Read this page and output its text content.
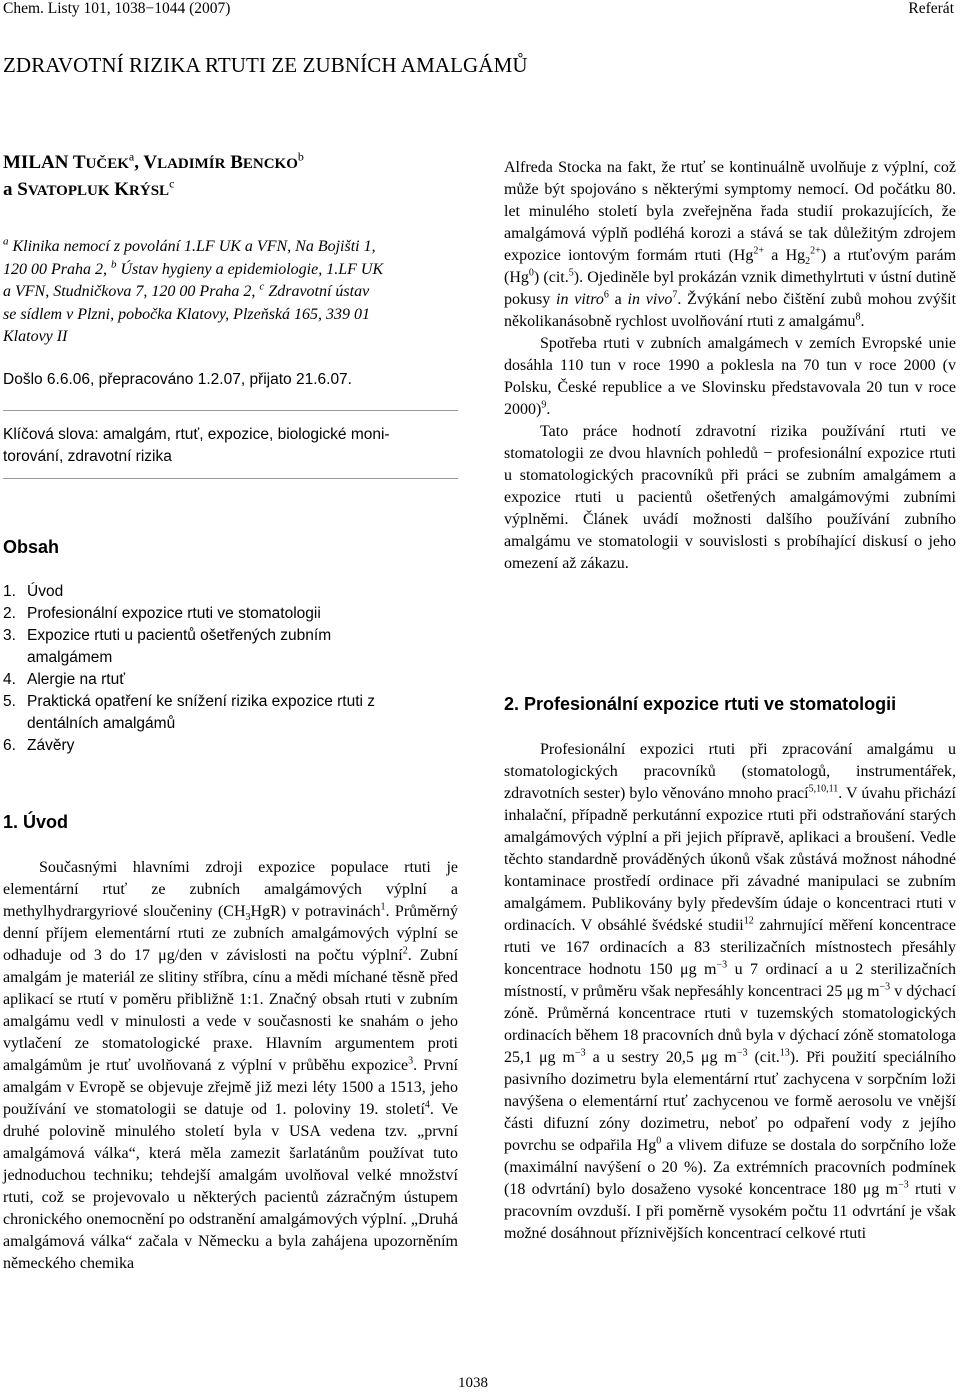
Chem. Listy 101, 1038−1044 (2007)	Referát
ZDRAVOTNÍ RIZIKA RTUTI ZE ZUBNÍCH AMALGÁMŮ
MILAN TUČEK$^a$, VLADIMÍR BENCKO$^b$
a SVATOPLUK KRÝSL$^c$
$^a$ Klinika nemocí z povolání 1.LF UK a VFN, Na Bojišti 1,
120 00 Praha 2, $^b$ Ústav hygieny a epidemiologie, 1.LF UK
a VFN, Studničkova 7, 120 00 Praha 2, $^c$ Zdravotní ústav
se sídlem v Plzni, pobočka Klatovy, Plzeňská 165, 339 01
Klatovy II
Došlo 6.6.06, přepracováno 1.2.07, přijato 21.6.07.
Klíčová slova: amalgám, rtuť, expozice, biologické moni-
torování, zdravotní rizika
Obsah
1. Úvod
2. Profesionální expozice rtuti ve stomatologii
3. Expozice rtuti u pacientů ošetřených zubním amalgámem
4. Alergie na rtuť
5. Praktická opatření ke snížení rizika expozice rtuti z dentálních amalgámů
6. Závěry
1. Úvod

Současnými hlavními zdroji expozice populace rtuti je elementární rtuť ze zubních amalgámových výplní a methylhydrargyriové sloučeniny $(CH_3HgR)$ v potravinách$^1$. Průměrný denní příjem elementární rtuti ze zubních amalgámových výplní se odhaduje od 3 do 17 μg/den v závislosti na počtu výplní$^2$. Zubní amalgám je materiál ze slitiny stříbra, cínu a mědi míchané těsně před aplikací se rtutí v poměru přibližně 1:1. Značný obsah rtuti v zubním amalgámu vedl v minulosti a vede v současnosti ke snahám o jeho vytlačení ze stomatologické praxe. Hlavním argumentem proti amalgámům je rtuť uvolňovaná z výplní v průběhu expozice$^3$. První amalgám v Evropě se objevuje zřejmě již mezi léty 1500 a 1513, jeho používání ve stomatologii se datuje od 1. poloviny 19. století$^4$. Ve druhé polovině minulého století byla v USA vedena tzv. „první amalgámová válka“, která měla zamezit šarlatánům používat tuto jednoduchou techniku; tehdejší amalgám uvolňoval velké množství rtuti, což se projevovalo u některých pacientů zázračným ústupem chronického onemocnění po odstranění amalgámových výplní. „Druhá amalgámová válka“ začala v Německu a byla zahájena upozorněním německého chemika

Alfreda Stocka na fakt, že rtuť se kontinuálně uvolňuje z výplní, což může být spojováno s některými symptomy nemocí. Od počátku 80. let minulého století byla zveřejněna řada studií prokazujících, že amalgámová výplň podléhá korozi a stává se tak důležitým zdrojem expozice iontovým formám rtuti ($Hg^{2+}$ a $Hg_2^{2+}$) a rtuťovým parám (Hg$^0$) (cit.$^5$). Ojediněle byl prokázán vznik dimethylrtuti v ústní dutině pokusy in vitro$^6$ a in vivo$^7$. Žvýkání nebo čištění zubů mohou zvýšit několikanásobně rychlost uvolňování rtuti z amalgámu$^8$.

Spotřeba rtuti v zubních amalgámech v zemích Evropské unie dosáhla 110 tun v roce 1990 a poklesla na 70 tun v roce 2000 (v Polsku, České republice a ve Slovinsku představovala 20 tun v roce 2000)$^9$.

Tato práce hodnotí zdravotní rizika používání rtuti ve stomatologii ze dvou hlavních pohledů − profesionální expozice rtuti u stomatologických pracovníků při práci se zubním amalgámem a expozice rtuti u pacientů ošetřených amalgámovými zubními výplněmi. Článek uvádí možnosti dalšího používání zubního amalgámu ve stomatologii v souvislosti s probíhající diskusí o jeho omezení až zákazu.

2. Profesionální expozice rtuti ve stomatologii

Profesionální expozici rtuti při zpracování amalgámu u stomatologických pracovníků (stomatologů, instrumentářek, zdravotních sester) bylo věnováno mnoho prací$^{5,10,11}$. V úvahu přichází inhalační, případně perkutánní expozice rtuti při odstraňování starých amalgámových výplní a při jejich přípravě, aplikaci a broušení. Vedle těchto standardně prováděných úkonů však zůstává možnost náhodné kontaminace prostředí ordinace při závadné manipulaci se zubním amalgámem. Publikovány byly především údaje o koncentraci rtuti v ordinacích. V obsáhlé švédské studii$^{12}$ zahrnující měření koncentrace rtuti ve 167 ordinacích a 83 sterilizačních místnostech přesáhly koncentrace hodnotu 150 μg $m^{-3}$ u 7 ordinací a u 2 sterilizačních místností, v průměru však nepřesáhly koncentraci 25 μg $m^{-3}$ v dýchací zóně. Průměrná koncentrace rtuti v tuzemských stomatologických ordinacích během 18 pracovních dnů byla v dýchací zóně stomatologa 25,1 μg $m^{-3}$ a u sestry 20,5 μg $m^{-3}$ (cit.$^{13}$). Při použití speciálního pasivního dozimetru byla elementární rtuť zachycena v sorpčním loži navýšena o elementární rtuť zachycenou ve formě aerosolu ve vnější části difuzní zóny dozimetru, neboť po odpaření vody z jejího povrchu se odpařila Hg$^0$ a vlivem difuze se dostala do sorpčního lože (maximální navýšení o 20 %). Za extrémních pracovních podmínek (18 odvrtání) bylo dosaženo vysoké koncentrace 180 μg $m^{-3}$ rtuti v pracovním ovzduší. I při poměrně vysokém počtu 11 odvrtání je však možné dosáhnout příznivějších koncentrací celkové rtuti

1038
